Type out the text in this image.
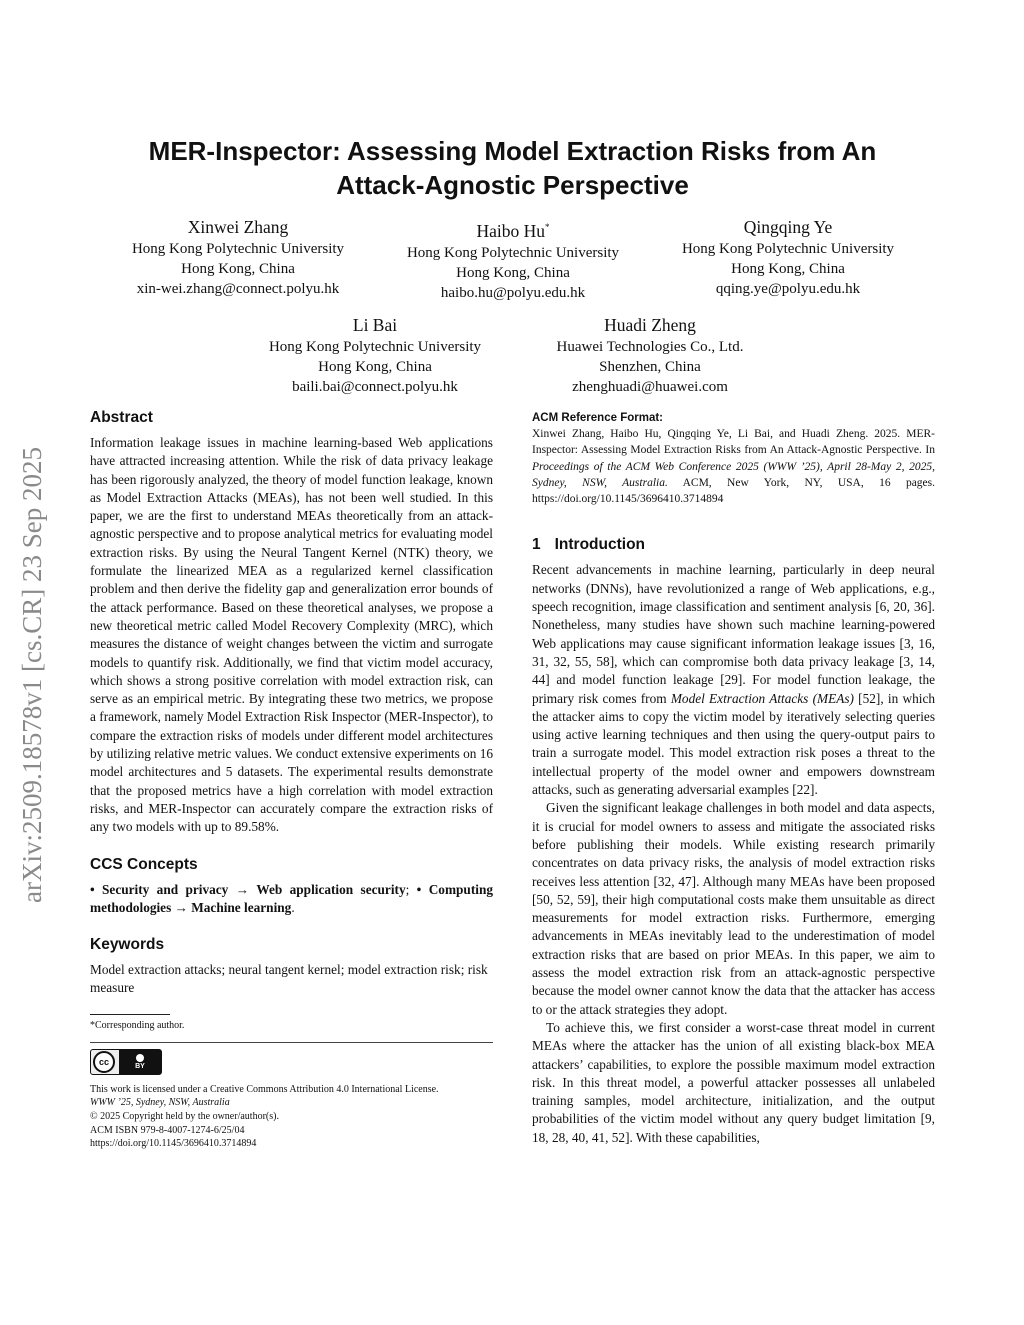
arXiv:2509.18578v1 [cs.CR] 23 Sep 2025
MER-Inspector: Assessing Model Extraction Risks from An
Attack-Agnostic Perspective
Xinwei Zhang
Hong Kong Polytechnic University
Hong Kong, China
xin-wei.zhang@connect.polyu.hk
Haibo Hu*
Hong Kong Polytechnic University
Hong Kong, China
haibo.hu@polyu.edu.hk
Qingqing Ye
Hong Kong Polytechnic University
Hong Kong, China
qqing.ye@polyu.edu.hk
Li Bai
Hong Kong Polytechnic University
Hong Kong, China
baili.bai@connect.polyu.hk
Huadi Zheng
Huawei Technologies Co., Ltd.
Shenzhen, China
zhenghuadi@huawei.com
Abstract

Information leakage issues in machine learning-based Web applications have attracted increasing attention. While the risk of data privacy leakage has been rigorously analyzed, the theory of model function leakage, known as Model Extraction Attacks (MEAs), has not been well studied. In this paper, we are the first to understand MEAs theoretically from an attack-agnostic perspective and to propose analytical metrics for evaluating model extraction risks. By using the Neural Tangent Kernel (NTK) theory, we formulate the linearized MEA as a regularized kernel classification problem and then derive the fidelity gap and generalization error bounds of the attack performance. Based on these theoretical analyses, we propose a new theoretical metric called Model Recovery Complexity (MRC), which measures the distance of weight changes between the victim and surrogate models to quantify risk. Additionally, we find that victim model accuracy, which shows a strong positive correlation with model extraction risk, can serve as an empirical metric. By integrating these two metrics, we propose a framework, namely Model Extraction Risk Inspector (MER-Inspector), to compare the extraction risks of models under different model architectures by utilizing relative metric values. We conduct extensive experiments on 16 model architectures and 5 datasets. The experimental results demonstrate that the proposed metrics have a high correlation with model extraction risks, and MER-Inspector can accurately compare the extraction risks of any two models with up to 89.58%.

CCS Concepts

• Security and privacy → Web application security; • Computing methodologies → Machine learning.

Keywords

Model extraction attacks; neural tangent kernel; model extraction risk; risk measure

*Corresponding author.
cc	BY
This work is licensed under a Creative Commons Attribution 4.0 International License.
WWW ’25, Sydney, NSW, Australia
© 2025 Copyright held by the owner/author(s).
ACM ISBN 979-8-4007-1274-6/25/04
https://doi.org/10.1145/3696410.3714894
ACM Reference Format:

Xinwei Zhang, Haibo Hu, Qingqing Ye, Li Bai, and Huadi Zheng. 2025. MER-Inspector: Assessing Model Extraction Risks from An Attack-Agnostic Perspective. In Proceedings of the ACM Web Conference 2025 (WWW ’25), April 28-May 2, 2025, Sydney, NSW, Australia. ACM, New York, NY, USA, 16 pages. https://doi.org/10.1145/3696410.3714894

1 Introduction

Recent advancements in machine learning, particularly in deep neural networks (DNNs), have revolutionized a range of Web applications, e.g., speech recognition, image classification and sentiment analysis [6, 20, 36]. Nonetheless, many studies have shown such machine learning-powered Web applications may cause significant information leakage issues [3, 16, 31, 32, 55, 58], which can compromise both data privacy leakage [3, 14, 44] and model function leakage [29]. For model function leakage, the primary risk comes from Model Extraction Attacks (MEAs) [52], in which the attacker aims to copy the victim model by iteratively selecting queries using active learning techniques and then using the query-output pairs to train a surrogate model. This model extraction risk poses a threat to the intellectual property of the model owner and empowers downstream attacks, such as generating adversarial examples [22].

Given the significant leakage challenges in both model and data aspects, it is crucial for model owners to assess and mitigate the associated risks before publishing their models. While existing research primarily concentrates on data privacy risks, the analysis of model extraction risks receives less attention [32, 47]. Although many MEAs have been proposed [50, 52, 59], their high computational costs make them unsuitable as direct measurements for model extraction risks. Furthermore, emerging advancements in MEAs inevitably lead to the underestimation of model extraction risks that are based on prior MEAs. In this paper, we aim to assess the model extraction risk from an attack-agnostic perspective because the model owner cannot know the data that the attacker has access to or the attack strategies they adopt.

To achieve this, we first consider a worst-case threat model in current MEAs where the attacker has the union of all existing black-box MEA attackers’ capabilities, to explore the possible maximum model extraction risk. In this threat model, a powerful attacker possesses all unlabeled training samples, model architecture, initialization, and the output probabilities of the victim model without any query budget limitation [9, 18, 28, 40, 41, 52]. With these capabilities,
